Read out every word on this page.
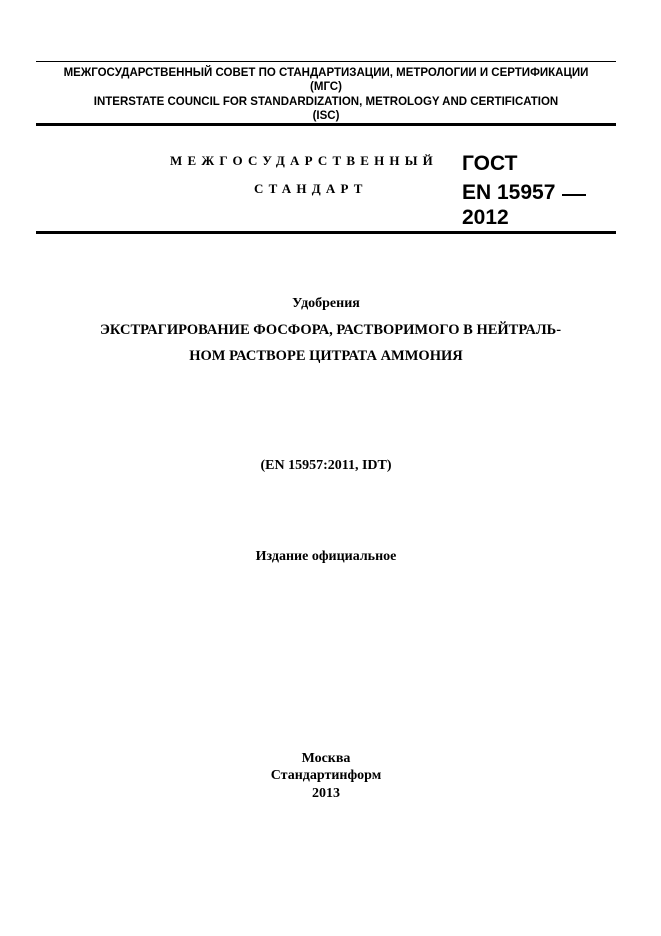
МЕЖГОСУДАРСТВЕННЫЙ СОВЕТ ПО СТАНДАРТИЗАЦИИ, МЕТРОЛОГИИ И СЕРТИФИКАЦИИ
(МГС)
INTERSTATE COUNCIL FOR STANDARDIZATION, METROLOGY AND CERTIFICATION
(ISC)
МЕЖГОСУДАРСТВЕННЫЙ
СТАНДАРТ
ГОСТ
EN 15957
2012
Удобрения
ЭКСТРАГИРОВАНИЕ ФОСФОРА, РАСТВОРИМОГО В НЕЙТРАЛЬ-
НОМ РАСТВОРЕ ЦИТРАТА АММОНИЯ
(EN 15957:2011, IDT)
Издание официальное
Москва
Стандартинформ
2013
